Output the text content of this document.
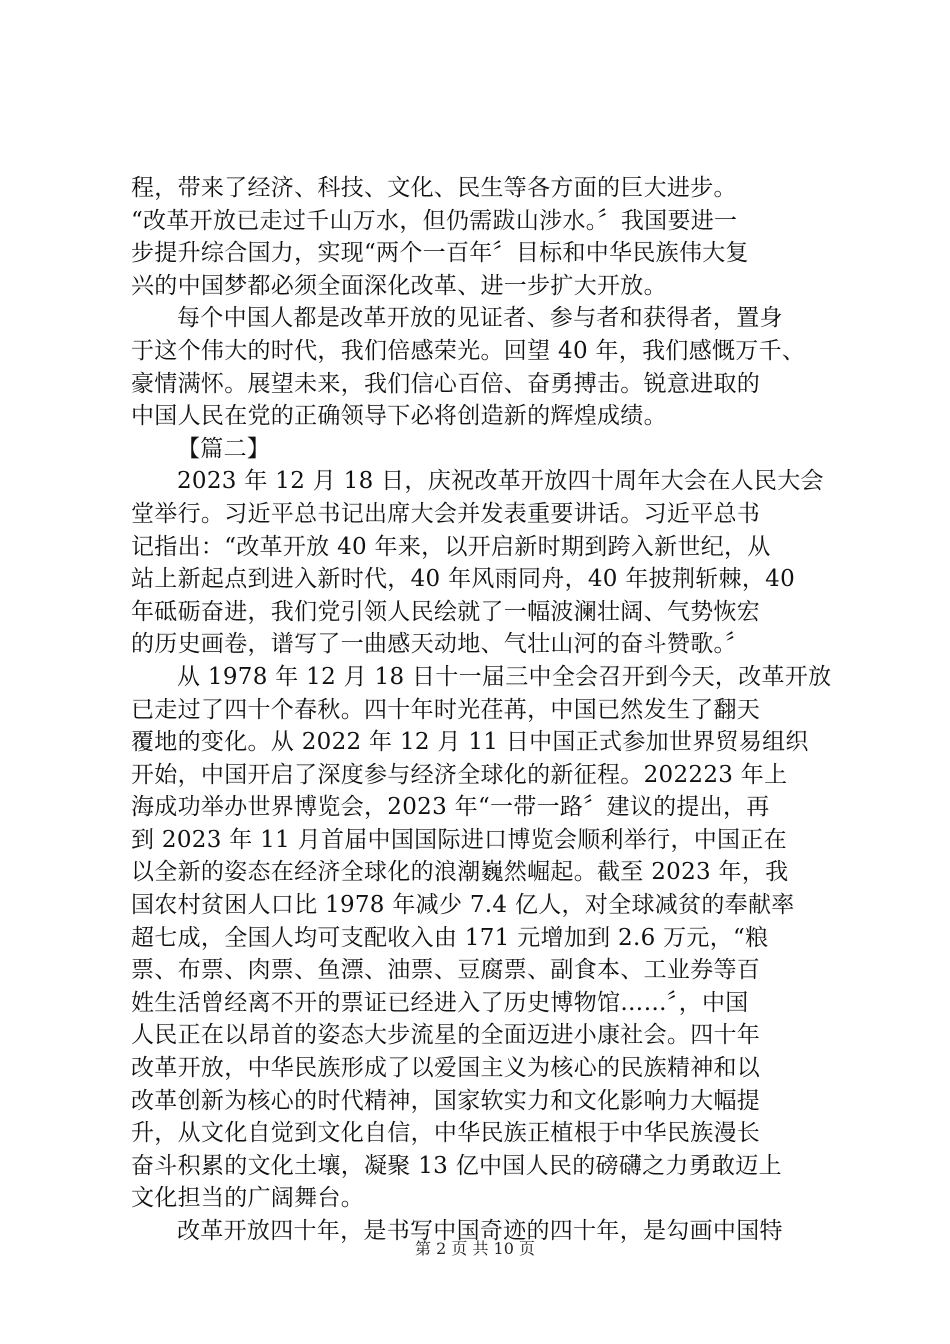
程，带来了经济、科技、文化、民生等各方面的巨大进步。
“改革开放已走过千山万水，但仍需跋山涉水。〞我国要进一
步提升综合国力，实现“两个一百年〞目标和中华民族伟大复
兴的中国梦都必须全面深化改革、进一步扩大开放。
每个中国人都是改革开放的见证者、参与者和获得者，置身
于这个伟大的时代，我们倍感荣光。回望 40 年，我们感慨万千、
豪情满怀。展望未来，我们信心百倍、奋勇搏击。锐意进取的
中国人民在党的正确领导下必将创造新的辉煌成绩。
【篇二】
2023 年 12 月 18 日，庆祝改革开放四十周年大会在人民大会
堂举行。习近平总书记出席大会并发表重要讲话。习近平总书
记指出：“改革开放 40 年来，以开启新时期到跨入新世纪，从
站上新起点到进入新时代，40 年风雨同舟，40 年披荆斩棘，40
年砥砺奋进，我们党引领人民绘就了一幅波澜壮阔、气势恢宏
的历史画卷，谱写了一曲感天动地、气壮山河的奋斗赞歌。〞
从 1978 年 12 月 18 日十一届三中全会召开到今天，改革开放
已走过了四十个春秋。四十年时光荏苒，中国已然发生了翻天
覆地的变化。从 2022 年 12 月 11 日中国正式参加世界贸易组织
开始，中国开启了深度参与经济全球化的新征程。202223 年上
海成功举办世界博览会，2023 年“一带一路〞建议的提出，再
到 2023 年 11 月首届中国国际进口博览会顺利举行，中国正在
以全新的姿态在经济全球化的浪潮巍然崛起。截至 2023 年，我
国农村贫困人口比 1978 年减少 7.4 亿人，对全球减贫的奉献率
超七成，全国人均可支配收入由 171 元增加到 2.6 万元，“粮
票、布票、肉票、鱼漂、油票、豆腐票、副食本、工业券等百
姓生活曾经离不开的票证已经进入了历史博物馆……〞，中国
人民正在以昂首的姿态大步流星的全面迈进小康社会。四十年
改革开放，中华民族形成了以爱国主义为核心的民族精神和以
改革创新为核心的时代精神，国家软实力和文化影响力大幅提
升，从文化自觉到文化自信，中华民族正植根于中华民族漫长
奋斗积累的文化土壤，凝聚 13 亿中国人民的磅礴之力勇敢迈上
文化担当的广阔舞台。
改革开放四十年，是书写中国奇迹的四十年，是勾画中国特
第 2 页 共 10 页
